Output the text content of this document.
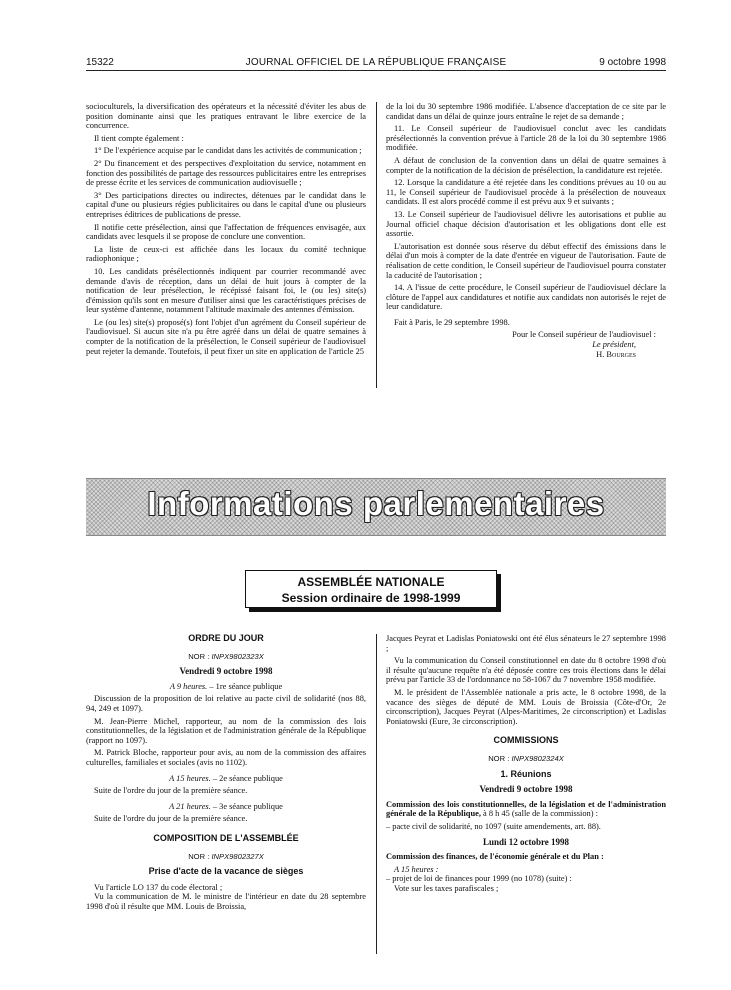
15322	JOURNAL OFFICIEL DE LA RÉPUBLIQUE FRANÇAISE	9 octobre 1998

socioculturels, la diversification des opérateurs et la nécessité d'éviter les abus de position dominante ainsi que les pratiques entravant le libre exercice de la concurrence.

Il tient compte également :

1° De l'expérience acquise par le candidat dans les activités de communication ;

2° Du financement et des perspectives d'exploitation du service, notamment en fonction des possibilités de partage des ressources publicitaires entre les entreprises de presse écrite et les services de communication audiovisuelle ;

3° Des participations directes ou indirectes, détenues par le candidat dans le capital d'une ou plusieurs régies publicitaires ou dans le capital d'une ou plusieurs entreprises éditrices de publications de presse.

Il notifie cette présélection, ainsi que l'affectation de fréquences envisagée, aux candidats avec lesquels il se propose de conclure une convention.

La liste de ceux-ci est affichée dans les locaux du comité technique radiophonique ;

10. Les candidats présélectionnés indiquent par courrier recommandé avec demande d'avis de réception, dans un délai de huit jours à compter de la notification de leur présélection, le récépissé faisant foi, le (ou les) site(s) d'émission qu'ils sont en mesure d'utiliser ainsi que les caractéristiques précises de leur système d'antenne, notamment l'altitude maximale des antennes d'émission.

Le (ou les) site(s) proposé(s) font l'objet d'un agrément du Conseil supérieur de l'audiovisuel. Si aucun site n'a pu être agréé dans un délai de quatre semaines à compter de la notification de la présélection, le Conseil supérieur de l'audiovisuel peut rejeter la demande. Toutefois, il peut fixer un site en application de l'article 25

de la loi du 30 septembre 1986 modifiée. L'absence d'acceptation de ce site par le candidat dans un délai de quinze jours entraîne le rejet de sa demande ;

11. Le Conseil supérieur de l'audiovisuel conclut avec les candidats présélectionnés la convention prévue à l'article 28 de la loi du 30 septembre 1986 modifiée.

A défaut de conclusion de la convention dans un délai de quatre semaines à compter de la notification de la décision de présélection, la candidature est rejetée.

12. Lorsque la candidature a été rejetée dans les conditions prévues au 10 ou au 11, le Conseil supérieur de l'audiovisuel procède à la présélection de nouveaux candidats. Il est alors procédé comme il est prévu aux 9 et suivants ;

13. Le Conseil supérieur de l'audiovisuel délivre les autorisations et publie au Journal officiel chaque décision d'autorisation et les obligations dont elle est assortie.

L'autorisation est donnée sous réserve du début effectif des émissions dans le délai d'un mois à compter de la date d'entrée en vigueur de l'autorisation. Faute de réalisation de cette condition, le Conseil supérieur de l'audiovisuel pourra constater la caducité de l'autorisation ;

14. A l'issue de cette procédure, le Conseil supérieur de l'audiovisuel déclare la clôture de l'appel aux candidatures et notifie aux candidats non autorisés le rejet de leur candidature.

Fait à Paris, le 29 septembre 1998.

Pour le Conseil supérieur de l'audiovisuel :

Le président,

H. Bourges

Informations parlementaires
ASSEMBLÉE NATIONALE
Session ordinaire de 1998-1999
ORDRE DU JOUR
NOR : INPX9802323X
Vendredi 9 octobre 1998

A 9 heures. – 1re séance publique

Discussion de la proposition de loi relative au pacte civil de solidarité (nos 88, 94, 249 et 1097).

M. Jean-Pierre Michel, rapporteur, au nom de la commission des lois constitutionnelles, de la législation et de l'administration générale de la République (rapport no 1097).

M. Patrick Bloche, rapporteur pour avis, au nom de la commission des affaires culturelles, familiales et sociales (avis no 1102).

A 15 heures. – 2e séance publique

Suite de l'ordre du jour de la première séance.

A 21 heures. – 3e séance publique

Suite de l'ordre du jour de la première séance.

COMPOSITION DE L'ASSEMBLÉE
NOR : INPX9802327X
Prise d'acte de la vacance de sièges

Vu l'article LO 137 du code électoral ;

Vu la communication de M. le ministre de l'intérieur en date du 28 septembre 1998 d'où il résulte que MM. Louis de Broissia,

Jacques Peyrat et Ladislas Poniatowski ont été élus sénateurs le 27 septembre 1998 ;

Vu la communication du Conseil constitutionnel en date du 8 octobre 1998 d'où il résulte qu'aucune requête n'a été déposée contre ces trois élections dans le délai prévu par l'article 33 de l'ordonnance no 58-1067 du 7 novembre 1958 modifiée.

M. le président de l'Assemblée nationale a pris acte, le 8 octobre 1998, de la vacance des sièges de député de MM. Louis de Broissia (Côte-d'Or, 2e circonscription), Jacques Peyrat (Alpes-Maritimes, 2e circonscription) et Ladislas Poniatowski (Eure, 3e circonscription).

COMMISSIONS
NOR : INPX9802324X
1. Réunions
Vendredi 9 octobre 1998

Commission des lois constitutionnelles, de la législation et de l'administration générale de la République, à 8 h 45 (salle de la commission) :

– pacte civil de solidarité, no 1097 (suite amendements, art. 88).

Lundi 12 octobre 1998

Commission des finances, de l'économie générale et du Plan :

A 15 heures :

– projet de loi de finances pour 1999 (no 1078) (suite) :

Vote sur les taxes parafiscales ;
